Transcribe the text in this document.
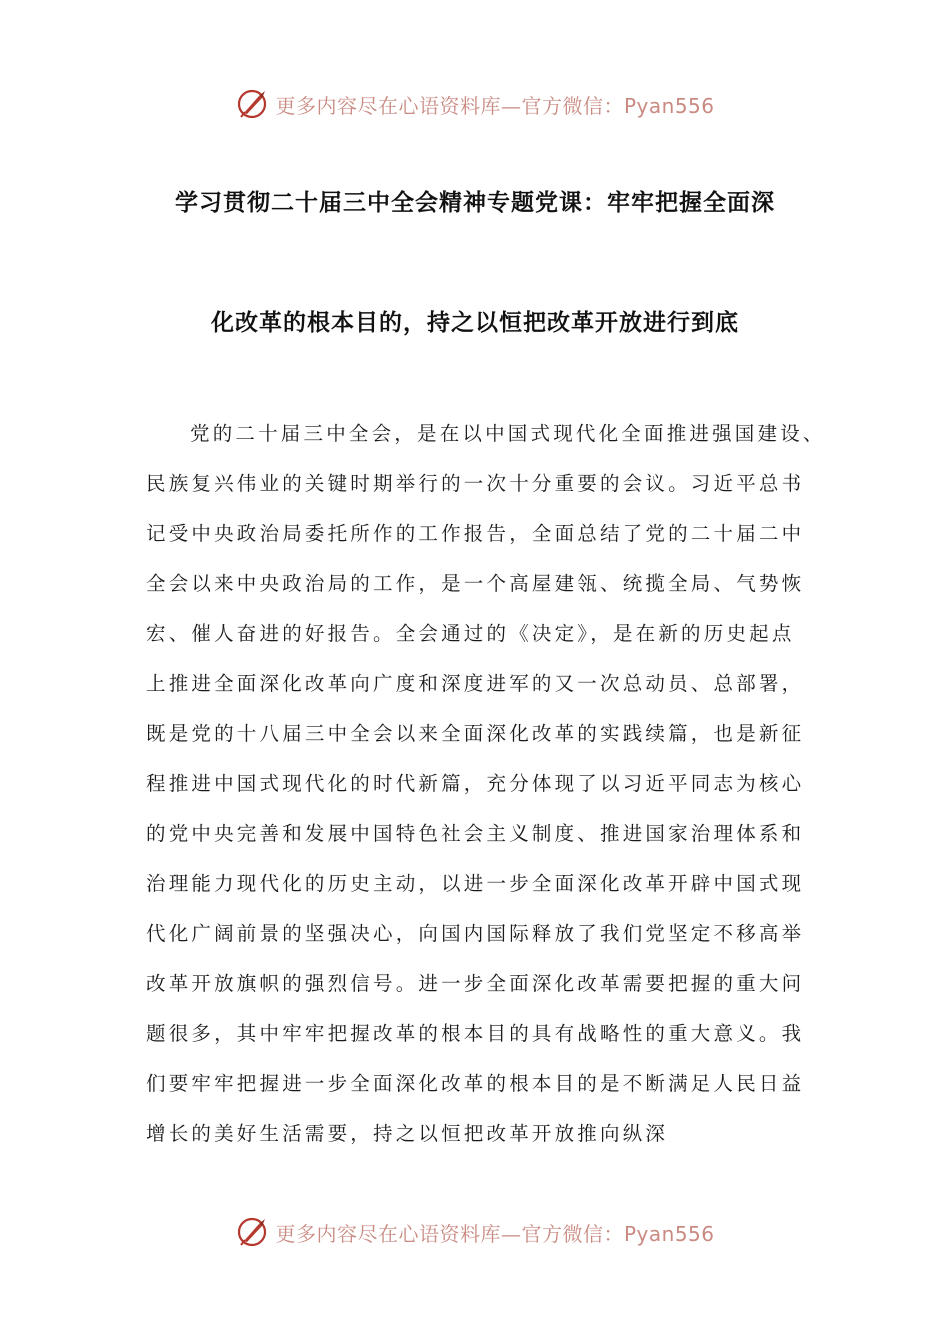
更多内容尽在心语资料库—官方微信：Pyan556
学习贯彻二十届三中全会精神专题党课：牢牢把握全面深
化改革的根本目的，持之以恒把改革开放进行到底
党的二十届三中全会，是在以中国式现代化全面推进强国建设、
民族复兴伟业的关键时期举行的一次十分重要的会议。习近平总书
记受中央政治局委托所作的工作报告，全面总结了党的二十届二中
全会以来中央政治局的工作，是一个高屋建瓴、统揽全局、气势恢
宏、催人奋进的好报告。全会通过的《决定》，是在新的历史起点
上推进全面深化改革向广度和深度进军的又一次总动员、总部署，
既是党的十八届三中全会以来全面深化改革的实践续篇，也是新征
程推进中国式现代化的时代新篇，充分体现了以习近平同志为核心
的党中央完善和发展中国特色社会主义制度、推进国家治理体系和
治理能力现代化的历史主动，以进一步全面深化改革开辟中国式现
代化广阔前景的坚强决心，向国内国际释放了我们党坚定不移高举
改革开放旗帜的强烈信号。进一步全面深化改革需要把握的重大问
题很多，其中牢牢把握改革的根本目的具有战略性的重大意义。我
们要牢牢把握进一步全面深化改革的根本目的是不断满足人民日益
增长的美好生活需要，持之以恒把改革开放推向纵深
更多内容尽在心语资料库—官方微信：Pyan556
